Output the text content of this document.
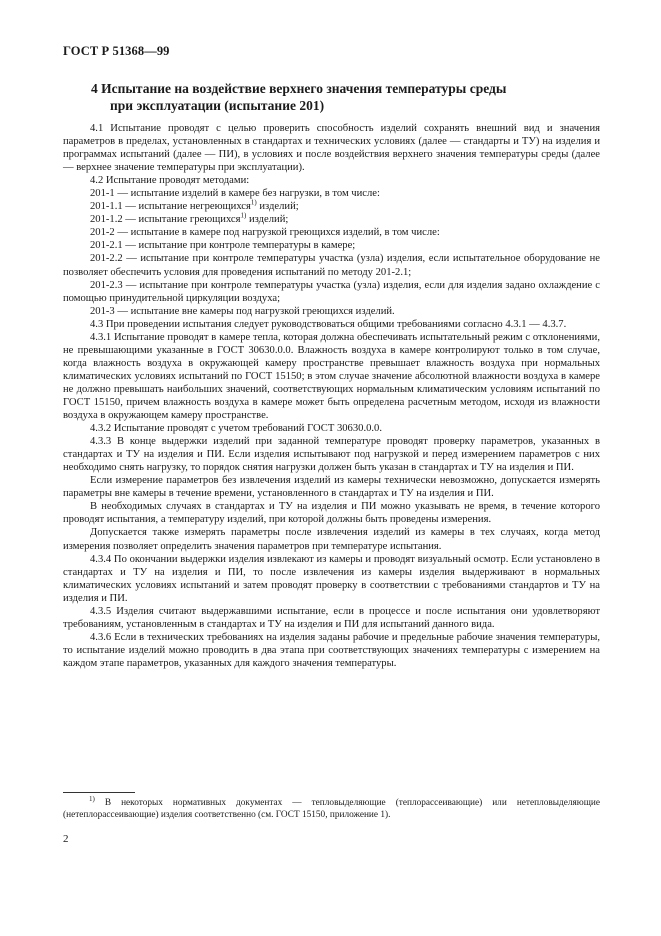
ГОСТ Р 51368—99
4 Испытание на воздействие верхнего значения температуры среды
при эксплуатации (испытание 201)

4.1 Испытание проводят с целью проверить способность изделий сохранять внешний вид и значения параметров в пределах, установленных в стандартах и технических условиях (далее — стандарты и ТУ) на изделия и программах испытаний (далее — ПИ), в условиях и после воздействия верхнего значения температуры среды (далее — верхнее значение температуры при эксплуатации).

4.2 Испытание проводят методами:

201-1 — испытание изделий в камере без нагрузки, в том числе:

201-1.1 — испытание негреющихся$^{1)}$ изделий;

201-1.2 — испытание греющихся$^{1)}$ изделий;

201-2 — испытание в камере под нагрузкой греющихся изделий, в том числе:

201-2.1 — испытание при контроле температуры в камере;

201-2.2 — испытание при контроле температуры участка (узла) изделия, если испытательное оборудование не позволяет обеспечить условия для проведения испытаний по методу 201-2.1;

201-2.3 — испытание при контроле температуры участка (узла) изделия, если для изделия задано охлаждение с помощью принудительной циркуляции воздуха;

201-3 — испытание вне камеры под нагрузкой греющихся изделий.

4.3 При проведении испытания следует руководствоваться общими требованиями согласно 4.3.1 — 4.3.7.

4.3.1 Испытание проводят в камере тепла, которая должна обеспечивать испытательный режим с отклонениями, не превышающими указанные в ГОСТ 30630.0.0. Влажность воздуха в камере контролируют только в том случае, когда влажность воздуха в окружающей камеру пространстве превышает влажность воздуха при нормальных климатических условиях испытаний по ГОСТ 15150; в этом случае значение абсолютной влажности воздуха в камере не должно превышать наибольших значений, соответствующих нормальным климатическим условиям испытаний по ГОСТ 15150, причем влажность воздуха в камере может быть определена расчетным методом, исходя из влажности воздуха в окружающем камеру пространстве.

4.3.2 Испытание проводят с учетом требований ГОСТ 30630.0.0.

4.3.3 В конце выдержки изделий при заданной температуре проводят проверку параметров, указанных в стандартах и ТУ на изделия и ПИ. Если изделия испытывают под нагрузкой и перед измерением параметров с них необходимо снять нагрузку, то порядок снятия нагрузки должен быть указан в стандартах и ТУ на изделия и ПИ.

Если измерение параметров без извлечения изделий из камеры технически невозможно, допускается измерять параметры вне камеры в течение времени, установленного в стандартах и ТУ на изделия и ПИ.

В необходимых случаях в стандартах и ТУ на изделия и ПИ можно указывать не время, в течение которого проводят испытания, а температуру изделий, при которой должны быть проведены измерения.

Допускается также измерять параметры после извлечения изделий из камеры в тех случаях, когда метод измерения позволяет определить значения параметров при температуре испытания.

4.3.4 По окончании выдержки изделия извлекают из камеры и проводят визуальный осмотр. Если установлено в стандартах и ТУ на изделия и ПИ, то после извлечения из камеры изделия выдерживают в нормальных климатических условиях испытаний и затем проводят проверку в соответствии с требованиями стандартов и ТУ на изделия и ПИ.

4.3.5 Изделия считают выдержавшими испытание, если в процессе и после испытания они удовлетворяют требованиям, установленным в стандартах и ТУ на изделия и ПИ для испытаний данного вида.

4.3.6 Если в технических требованиях на изделия заданы рабочие и предельные рабочие значения температуры, то испытание изделий можно проводить в два этапа при соответствующих значениях температуры с измерением на каждом этапе параметров, указанных для каждого значения температуры.

$^{1)}$ В некоторых нормативных документах — тепловыделяющие (теплорассеивающие) или нетепловыделяющие (нетеплорассеивающие) изделия соответственно (см. ГОСТ 15150, приложение 1).

2
